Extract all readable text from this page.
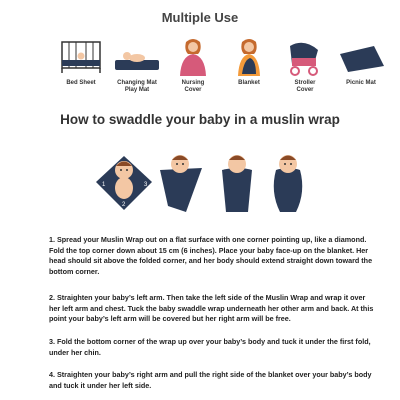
Multiple Use
Bed Sheet	Changing Mat
Play Mat
Nursing
Cover
Blanket	Stroller
Cover
Picnic Mat
How to swaddle your baby in a muslin wrap
1
2
3

1. Spread your Muslin Wrap out on a flat surface with one corner pointing up, like a diamond. Fold the top corner down about 15 cm (6 inches). Place your baby face-up on the blanket. Her head should sit above the folded corner, and her body should extend straight down toward the bottom corner.

2. Straighten your baby’s left arm. Then take the left side of the Muslin Wrap and wrap it over her left arm and chest. Tuck the baby swaddle wrap underneath her other arm and back. At this point your baby’s left arm will be covered but her right arm will be free.

3. Fold the bottom corner of the wrap up over your baby’s body and tuck it under the first fold, under her chin.

4. Straighten your baby’s right arm and pull the right side of the blanket over your baby’s body and tuck it under her left side.
